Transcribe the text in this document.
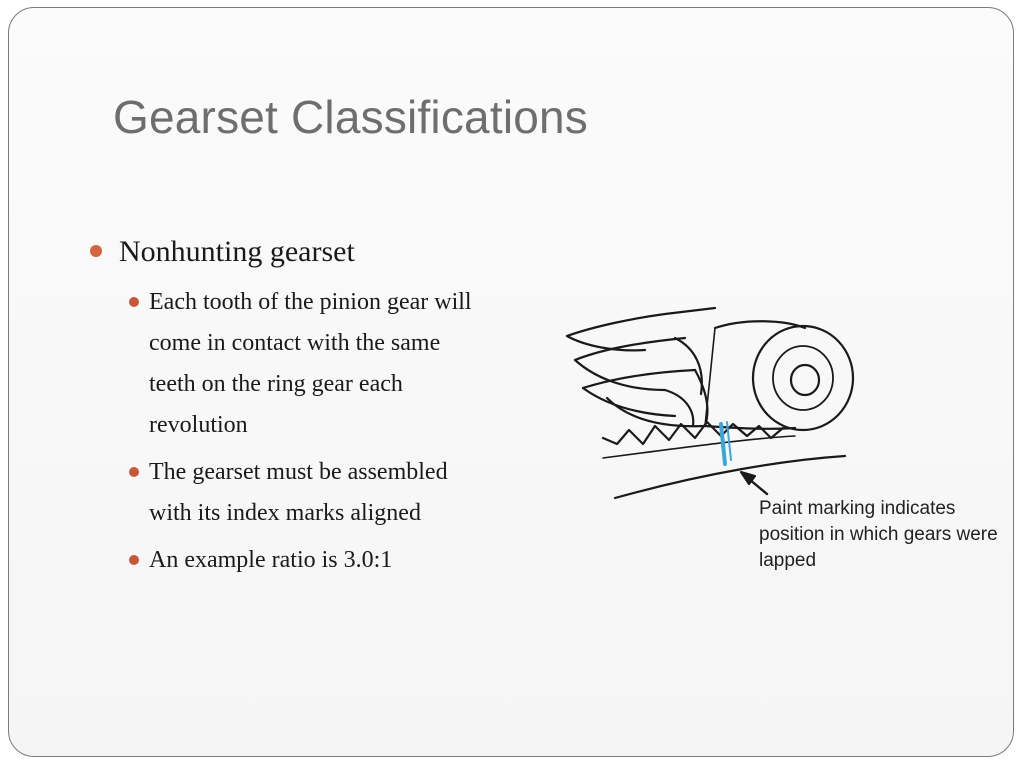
Gearset Classifications
Nonhunting gearset
Each tooth of the pinion gear will come in contact with the same teeth on the ring gear each revolution
The gearset must be assembled with its index marks aligned
An example ratio is 3.0:1
Paint marking indicates position in which gears were lapped
